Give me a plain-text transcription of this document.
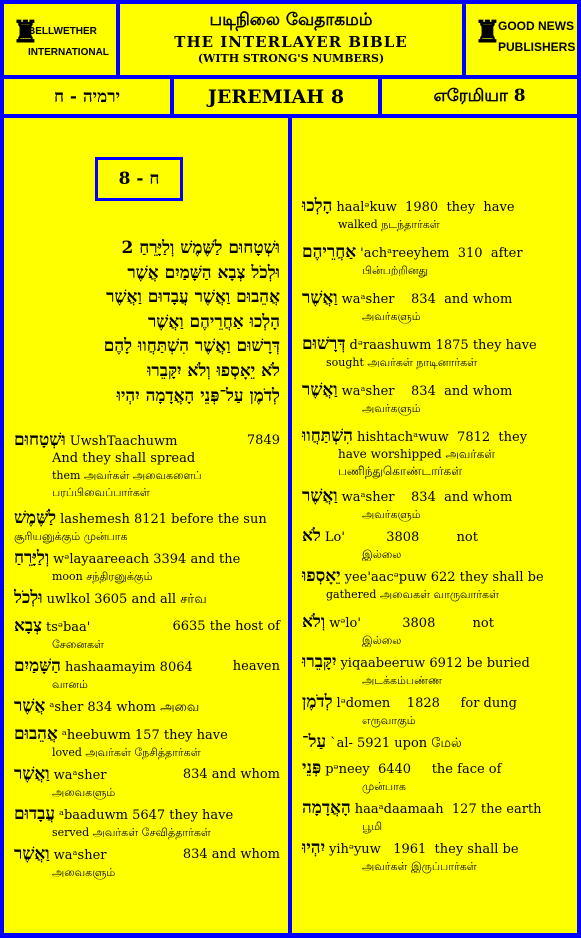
♜
BELLWETHER
INTERNATIONAL
படிநிலை வேதாகமம்
THE INTERLAYER BIBLE
(WITH STRONG'S NUMBERS)
♜
GOOD NEWS
PUBLISHERS
ירמיה - ח	JEREMIAH 8	எரேமியா 8
ח - 8
וּשְׁטָחוּם לַשֶּׁמֶשׁ וְלַיָּרֵחַ 2
וּלְכֹל צְבָא הַשָּׁמַיִם אֲשֶׁר
אֲהֵבוּם וַאֲשֶׁר עֲבָדוּם וַאֲשֶׁר
הָלְכוּ אַחֲרֵיהֶם וַאֲשֶׁר
דְּרָשׁוּם וַאֲשֶׁר הִשְׁתַּחֲווּ לָהֶם
לֹא יֵאָסְפוּ וְלֹא יִקָּבֵרוּ
לְדֹמֶן עַל־פְּנֵי הָאֲדָמָה יִהְיוּ
וּשְׁטָחוּם UwshTaachuwm	7849
And they shall spread
them அவர்கள் அவைகளைப் பரப்பிவைப்பார்கள்
לַשֶּׁמֶשׁ lashemesh 8121 before the sun
சூரியனுக்கும் முன்பாக
וְלַיָּרֵחַ wᵊlayaareeach 3394 and the
moon சந்திரனுக்கும்
וּלְכֹל uwlkol 3605 and all சர்வ
צְבָא tsᵊbaa'	6635 the host of
சேனைகள்
הַשָּׁמַיִם hashaamayim 8064	heaven
வானம்
אֲשֶׁר ᵃsher 834 whom அவை
אֲהֵבוּם ᵃheebuwm 157 they have
loved அவர்கள் நேசித்தார்கள்
וַאֲשֶׁר waᵃsher	834 and whom
அவைகளும்
עֲבָדוּם ᵃbaaduwm 5647 they have
served அவர்கள் சேவித்தார்கள்
וַאֲשֶׁר waᵃsher	834 and whom
அவைகளும்
הָלְכוּ haalᵊkuw  1980  they  have
walked நடந்தார்கள்
אַחֲרֵיהֶם 'achᵃreeyhem  310  after
பின்பற்றினது
וַאֲשֶׁר waᵃsher    834  and whom
அவர்களும்
דְּרָשׁוּם dᵊraashuwm 1875 they have
sought அவர்கள் நாடினார்கள்
וַאֲשֶׁר waᵃsher    834  and whom
அவர்களும்
הִשְׁתַּחֲווּ hishtachᵃwuw  7812  they
have worshipped அவர்கள் பணிந்துகொண்டார்கள்
וַאֲשֶׁר waᵃsher    834  and whom
அவர்களும்
לֹא Lo'          3808         not
இல்லை
יֵאָסְפוּ yee'aacᵊpuw 622 they shall be
gathered அவைகள் வாருவார்கள்
וְלֹא wᵊlo'          3808         not
இல்லை
יִקָּבֵרוּ yiqaabeeruw 6912 be buried
அடக்கம்பண்ண
לְדֹמֶן lᵊdomen    1828     for dung
எருவாகும்
עַל־ `al- 5921 upon மேல்
פְּנֵי pᵊneey  6440     the face of
முன்பாக
הָאֲדָמָה haaᵃdaamaah  127 the earth
பூமி
יִהְיוּ yihᵊyuw   1961  they shall be
அவர்கள் இருப்பார்கள்
